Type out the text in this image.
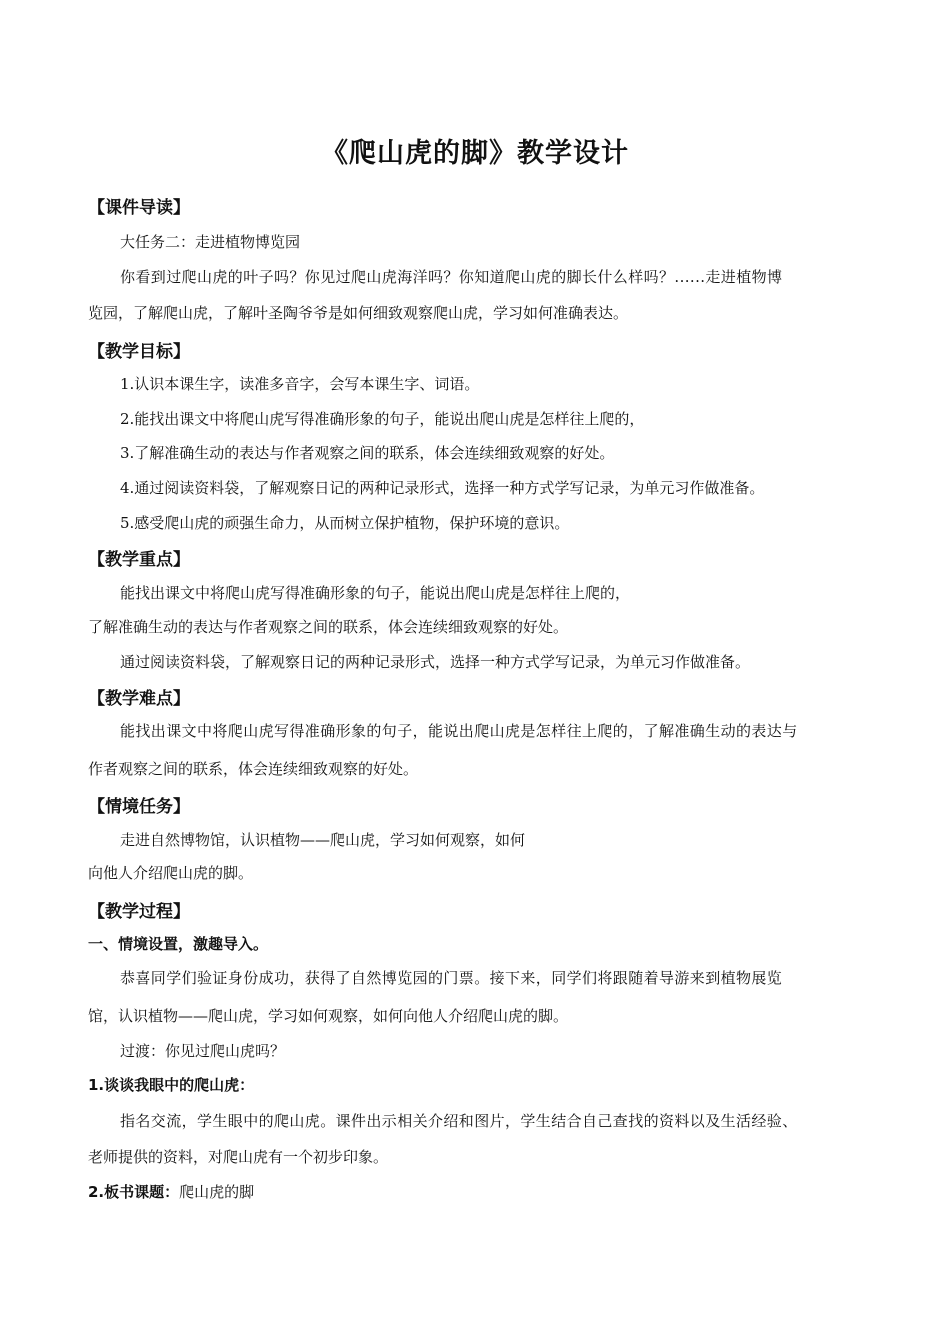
《爬山虎的脚》教学设计
【课件导读】
大任务二：走进植物博览园
你看到过爬山虎的叶子吗？你见过爬山虎海洋吗？你知道爬山虎的脚长什么样吗？......走进植物博
览园，了解爬山虎，了解叶圣陶爷爷是如何细致观察爬山虎，学习如何准确表达。
【教学目标】
1.认识本课生字，读准多音字，会写本课生字、词语。
2.能找出课文中将爬山虎写得准确形象的句子，能说出爬山虎是怎样往上爬的，
3.了解准确生动的表达与作者观察之间的联系，体会连续细致观察的好处。
4.通过阅读资料袋，了解观察日记的两种记录形式，选择一种方式学写记录，为单元习作做准备。
5.感受爬山虎的顽强生命力，从而树立保护植物，保护环境的意识。
【教学重点】
能找出课文中将爬山虎写得准确形象的句子，能说出爬山虎是怎样往上爬的，
了解准确生动的表达与作者观察之间的联系，体会连续细致观察的好处。
通过阅读资料袋，了解观察日记的两种记录形式，选择一种方式学写记录，为单元习作做准备。
【教学难点】
能找出课文中将爬山虎写得准确形象的句子，能说出爬山虎是怎样往上爬的，了解准确生动的表达与
作者观察之间的联系，体会连续细致观察的好处。
【情境任务】
走进自然博物馆，认识植物——爬山虎，学习如何观察，如何
向他人介绍爬山虎的脚。
【教学过程】
一、情境设置，激趣导入。
恭喜同学们验证身份成功，获得了自然博览园的门票。接下来，同学们将跟随着导游来到植物展览
馆，认识植物——爬山虎，学习如何观察，如何向他人介绍爬山虎的脚。
过渡：你见过爬山虎吗？
1.谈谈我眼中的爬山虎：
指名交流，学生眼中的爬山虎。课件出示相关介绍和图片，学生结合自己查找的资料以及生活经验、
老师提供的资料，对爬山虎有一个初步印象。
2.板书课题：爬山虎的脚
